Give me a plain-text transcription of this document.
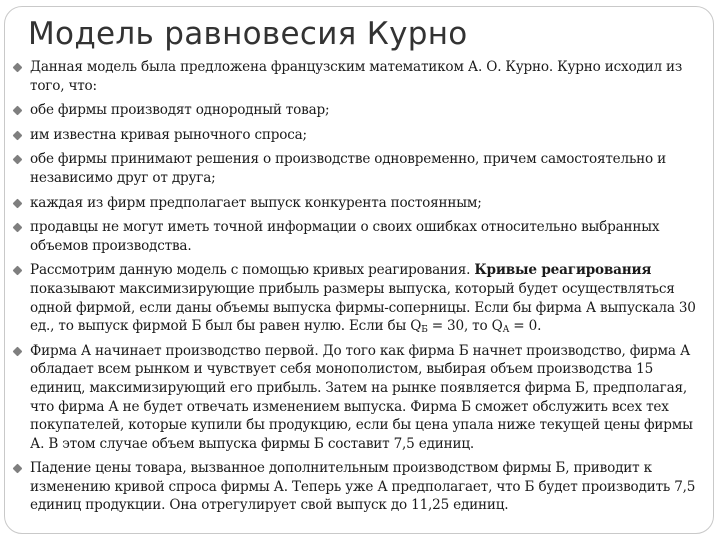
Модель равновесия Курно
Данная модель была предложена французским математиком А. О. Курно. Курно исходил из того, что:
обе фирмы производят однородный товар;
им известна кривая рыночного спроса;
обе фирмы принимают решения о производстве одновременно, причем самостоятельно и независимо друг от друга;
каждая из фирм предполагает выпуск конкурента постоянным;
продавцы не могут иметь точной информации о своих ошибках относительно выбранных объемов производства.
Рассмотрим данную модель с помощью кривых реагирования. Кривые реагирования показывают максимизирующие прибыль размеры выпуска, который будет осуществляться одной фирмой, если даны объемы выпуска фирмы-соперницы. Если бы фирма А выпускала 30 ед., то выпуск фирмой Б был бы равен нулю. Если бы $Q_Б = 30$, то $Q_А = 0$.
Фирма А начинает производство первой. До того как фирма Б начнет производство, фирма А обладает всем рынком и чувствует себя монополистом, выбирая объем производства 15 единиц, максимизирующий его прибыль. Затем на рынке появляется фирма Б, предполагая, что фирма А не будет отвечать изменением выпуска. Фирма Б сможет обслужить всех тех покупателей, которые купили бы продукцию, если бы цена упала ниже текущей цены фирмы А. В этом случае объем выпуска фирмы Б составит 7,5 единиц.
Падение цены товара, вызванное дополнительным производством фирмы Б, приводит к изменению кривой спроса фирмы А. Теперь уже А предполагает, что Б будет производить 7,5 единиц продукции. Она отрегулирует свой выпуск до 11,25 единиц.
